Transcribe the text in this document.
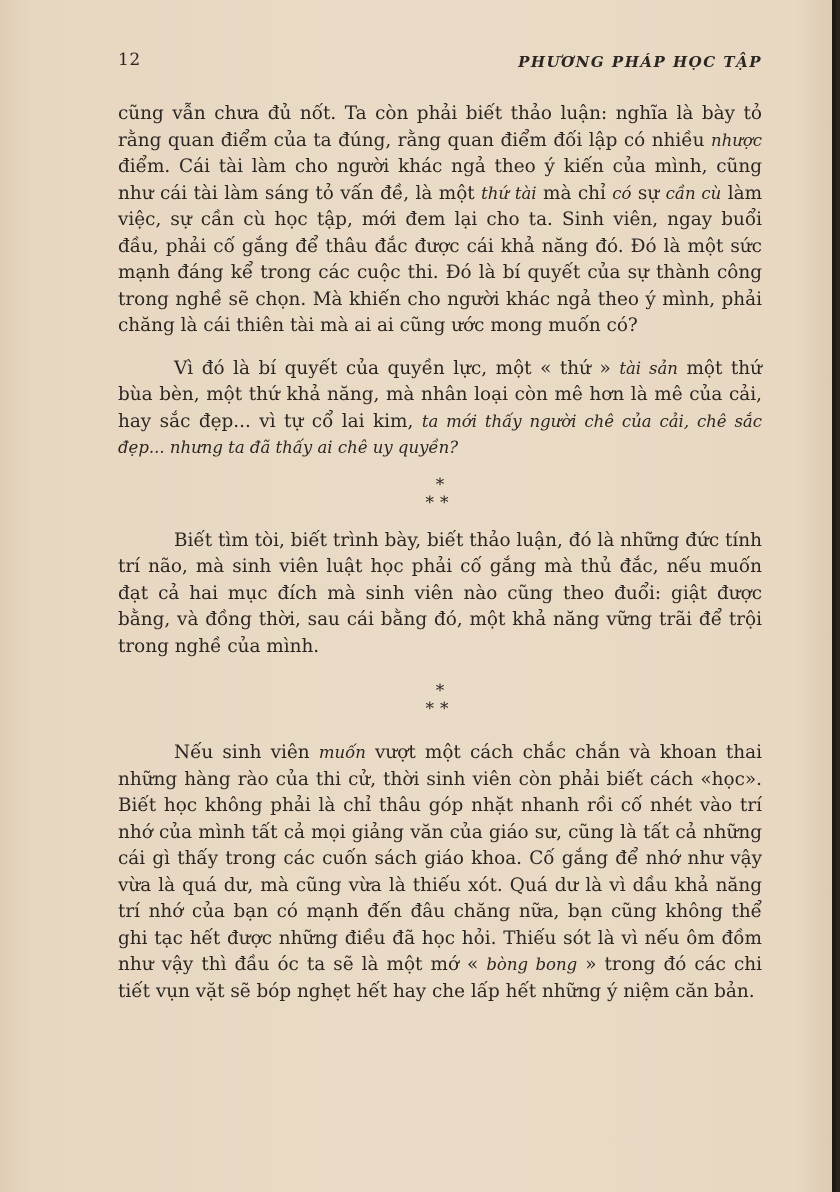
12	PHƯƠNG PHÁP HỌC TẬP

cũng vẫn chưa đủ nốt. Ta còn phải biết thảo luận: nghĩa là bày tỏ rằng quan điểm của ta đúng, rằng quan điểm đối lập có nhiều nhược điểm. Cái tài làm cho người khác ngả theo ý kiến của mình, cũng như cái tài làm sáng tỏ vấn đề, là một thứ tài mà chỉ có sự cần cù làm việc, sự cần cù học tập, mới đem lại cho ta. Sinh viên, ngay buổi đầu, phải cố gắng để thâu đắc được cái khả năng đó. Đó là một sức mạnh đáng kể trong các cuộc thi. Đó là bí quyết của sự thành công trong nghề sẽ chọn. Mà khiến cho người khác ngả theo ý mình, phải chăng là cái thiên tài mà ai ai cũng ước mong muốn có?

Vì đó là bí quyết của quyền lực, một « thứ » tài sản một thứ bùa bèn, một thứ khả năng, mà nhân loại còn mê hơn là mê của cải, hay sắc đẹp... vì tự cổ lai kim, ta mới thấy người chê của cải, chê sắc đẹp... nhưng ta đã thấy ai chê uy quyền?

*
**

Biết tìm tòi, biết trình bày, biết thảo luận, đó là những đức tính trí não, mà sinh viên luật học phải cố gắng mà thủ đắc, nếu muốn đạt cả hai mục đích mà sinh viên nào cũng theo đuổi: giật được bằng, và đồng thời, sau cái bằng đó, một khả năng vững trãi để trội trong nghề của mình.

*
**

Nếu sinh viên muốn vượt một cách chắc chắn và khoan thai những hàng rào của thi cử, thời sinh viên còn phải biết cách «học». Biết học không phải là chỉ thâu góp nhặt nhanh rồi cố nhét vào trí nhớ của mình tất cả mọi giảng văn của giáo sư, cũng là tất cả những cái gì thấy trong các cuốn sách giáo khoa. Cố gắng để nhớ như vậy vừa là quá dư, mà cũng vừa là thiếu xót. Quá dư là vì dầu khả năng trí nhớ của bạn có mạnh đến đâu chăng nữa, bạn cũng không thể ghi tạc hết được những điều đã học hỏi. Thiếu sót là vì nếu ôm đồm như vậy thì đầu óc ta sẽ là một mớ « bòng bong » trong đó các chi tiết vụn vặt sẽ bóp nghẹt hết hay che lấp hết những ý niệm căn bản.
